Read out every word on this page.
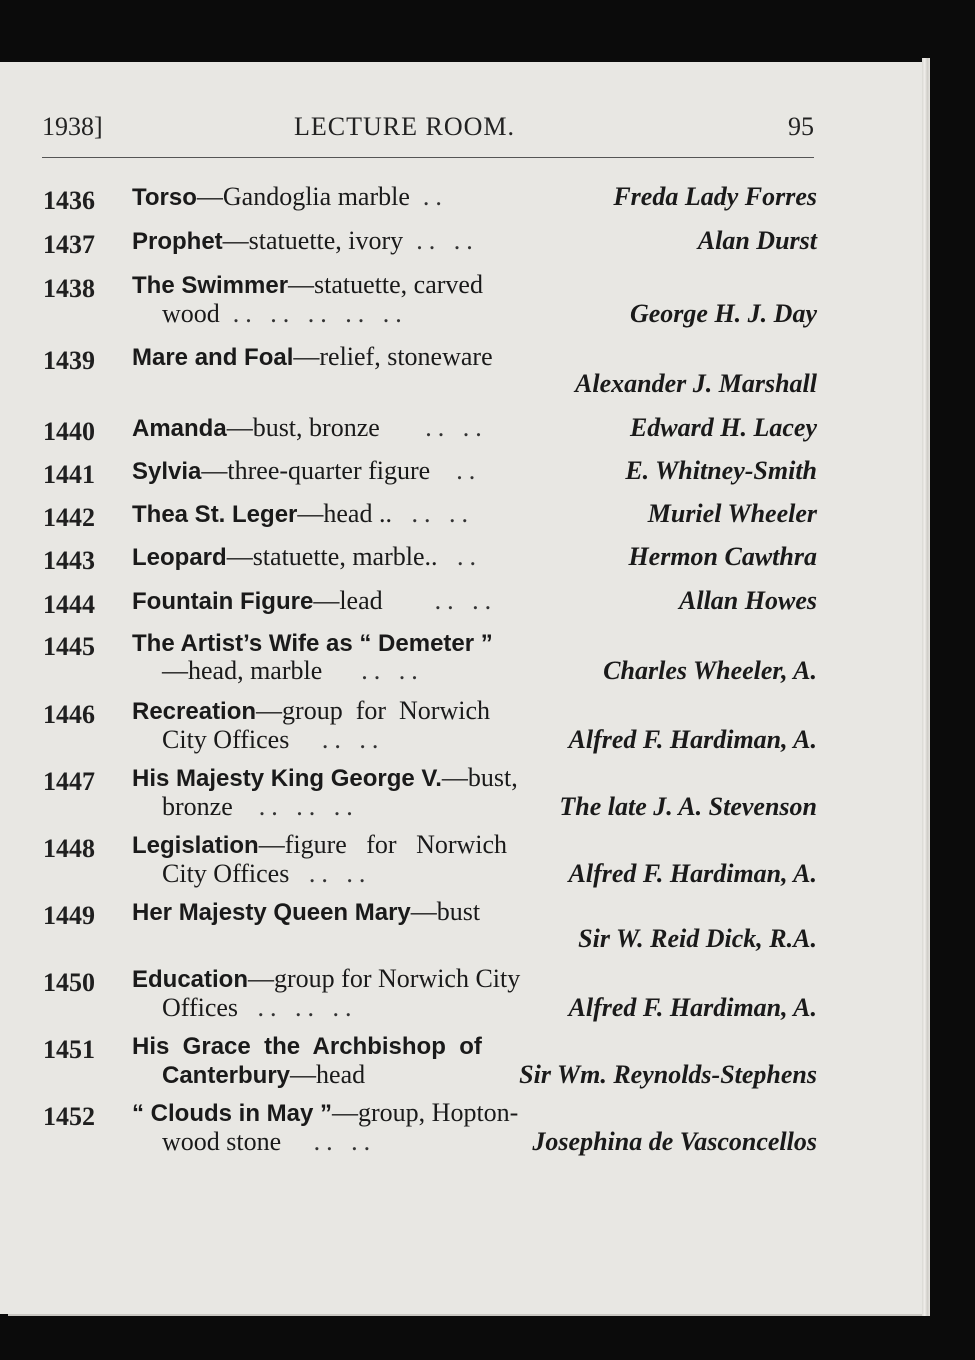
1938]	LECTURE ROOM.	95
1436 Torso—Gandoglia marble ..	Freda Lady Forres
1437 Prophet—statuette, ivory .. ..	Alan Durst
1438 The Swimmer—statuette, carved
wood .. .. .. .. ..	George H. J. Day
1439 Mare and Foal—relief, stoneware
Alexander J. Marshall
1440 Amanda—bust, bronze .. ..	Edward H. Lacey
1441 Sylvia—three-quarter figure ..	E. Whitney-Smith
1442 Thea St. Leger—head .. .. ..	Muriel Wheeler
1443 Leopard—statuette, marble.. ..	Hermon Cawthra
1444 Fountain Figure—lead .. ..	Allan Howes
1445 The Artist’s Wife as “ Demeter ”
—head, marble .. ..	Charles Wheeler, A.
1446 Recreation—group  for  Norwich
City Offices .. ..	Alfred F. Hardiman, A.
1447 His Majesty King George V.—bust,
bronze .. .. ..	The late J. A. Stevenson
1448 Legislation—figure   for   Norwich
City Offices .. ..	Alfred F. Hardiman, A.
1449 Her Majesty Queen Mary—bust
Sir W. Reid Dick, R.A.
1450 Education—group for Norwich City
Offices .. .. ..	Alfred F. Hardiman, A.
1451 His  Grace  the  Archbishop  of
Canterbury—head	Sir Wm. Reynolds-Stephens
1452 “ Clouds in May ”—group, Hopton-
wood stone .. ..	Josephina de Vasconcellos
